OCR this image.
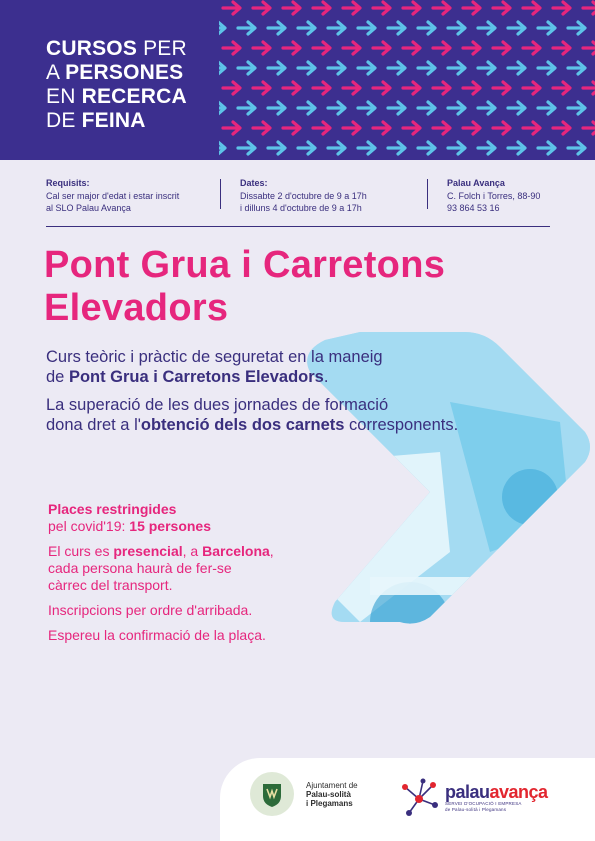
CURSOS PER
A PERSONES
EN RECERCA
DE FEINA
Requisits:
Cal ser major d'edat i estar inscrit
al SLO Palau Avança
Dates:
Dissabte 2 d'octubre de 9 a 17h
i dilluns 4 d'octubre de 9 a 17h
Palau Avança
C. Folch i Torres, 88-90
93 864 53 16
Pont Grua i Carretons
Elevadors

Curs teòric i pràctic de seguretat en la maneig
de Pont Grua i Carretons Elevadors.

La superació de les dues jornades de formació
dona dret a l'obtenció dels dos carnets corresponents.

Places restringides
pel covid'19: 15 persones

El curs es presencial, a Barcelona,
cada persona haurà de fer-se
càrrec del transport.

Inscripcions per ordre d'arribada.

Espereu la confirmació de la plaça.

Ajuntament de
Palau-solità
i Plegamans
palauavança
SERVEI D'OCUPACIÓ I EMPRESA
de Palau-solità i Plegamans
